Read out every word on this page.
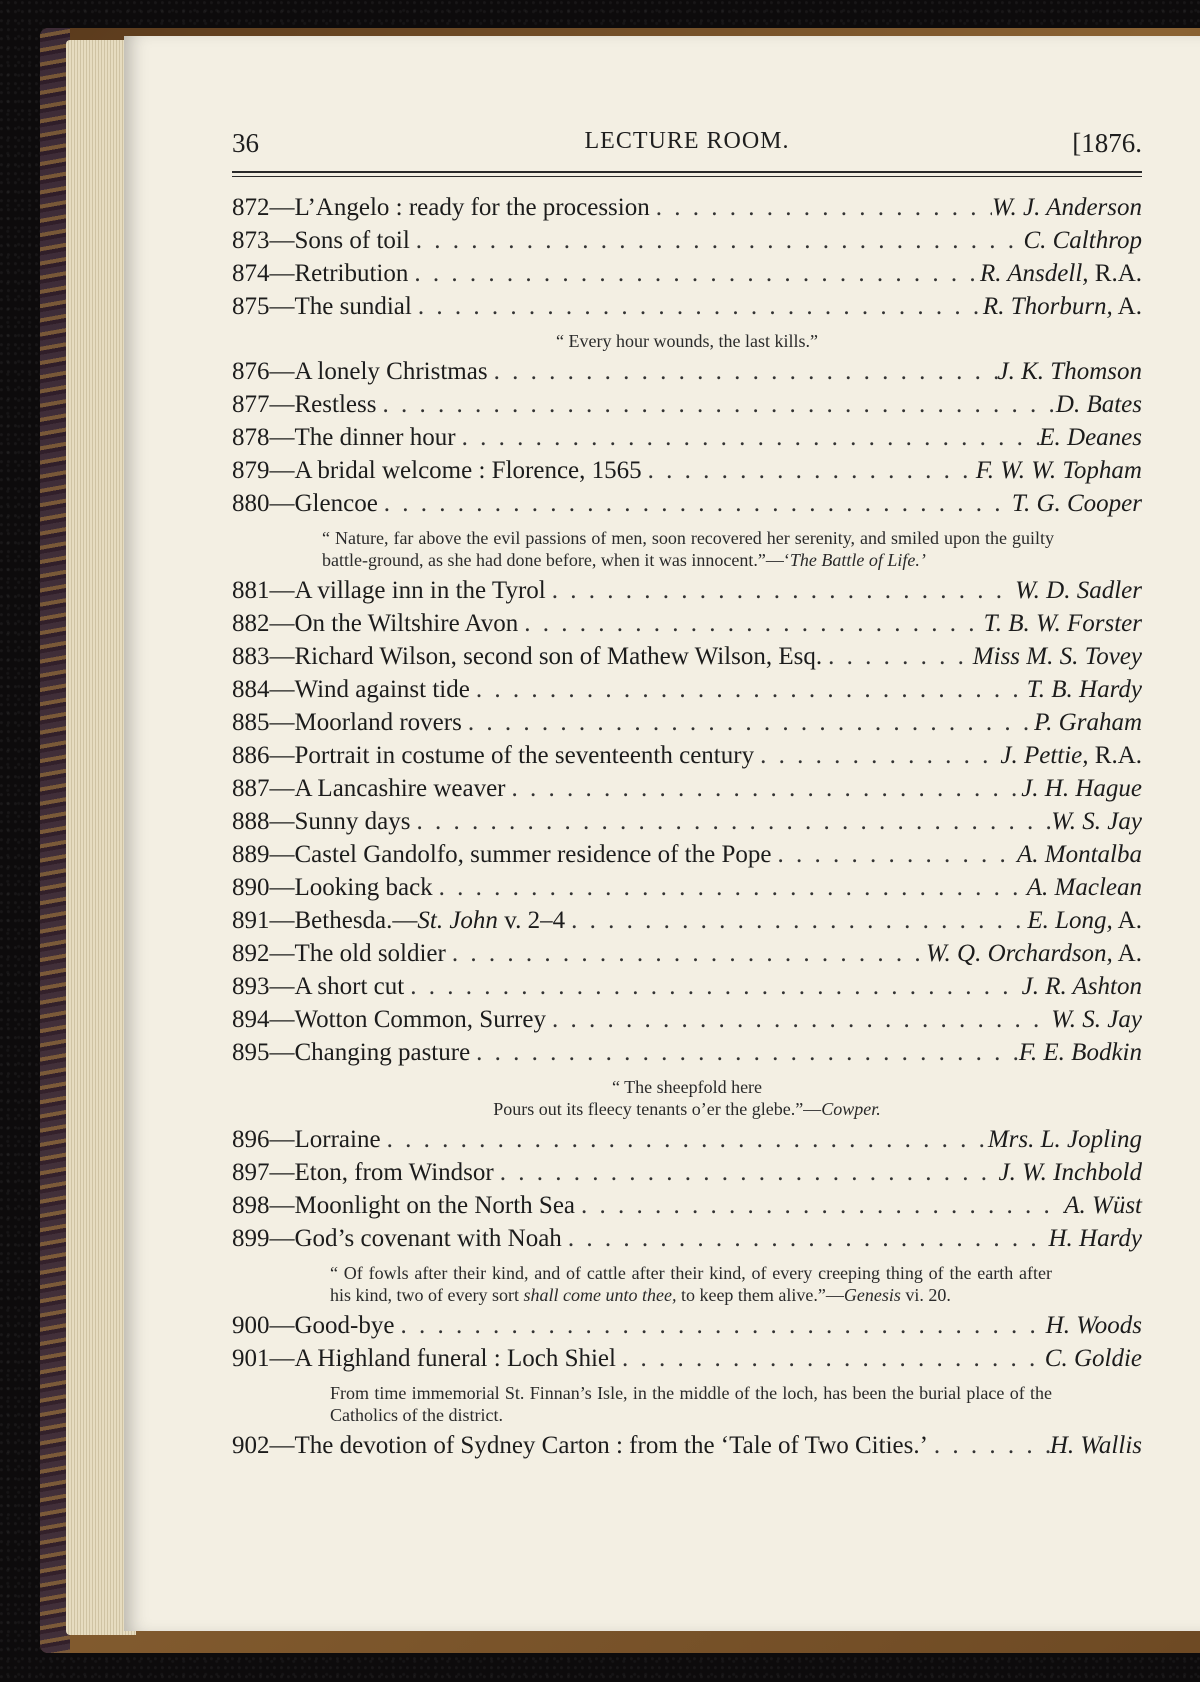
36	LECTURE ROOM.	[1876.
872—L’Angelo : ready for the procession . . .	W. J. Anderson
873—Sons of toil . . .	C. Calthrop
874—Retribution . . .	R. Ansdell, R.A.
875—The sundial . . .	R. Thorburn, A.
“ Every hour wounds, the last kills.”
876—A lonely Christmas . . .	J. K. Thomson
877—Restless . . .	D. Bates
878—The dinner hour . . .	E. Deanes
879—A bridal welcome : Florence, 1565 . . .	F. W. W. Topham
880—Glencoe . . .	T. G. Cooper
“ Nature, far above the evil passions of men, soon recovered her serenity, and smiled upon the guilty battle-ground, as she had done before, when it was innocent.”—‘The Battle of Life.’
881—A village inn in the Tyrol . . .	W. D. Sadler
882—On the Wiltshire Avon . . .	T. B. W. Forster
883—Richard Wilson, second son of Mathew Wilson, Esq. . . .	Miss M. S. Tovey
884—Wind against tide . . .	T. B. Hardy
885—Moorland rovers . . .	P. Graham
886—Portrait in costume of the seventeenth century . . .	J. Pettie, R.A.
887—A Lancashire weaver . . .	J. H. Hague
888—Sunny days . . .	W. S. Jay
889—Castel Gandolfo, summer residence of the Pope . . .	A. Montalba
890—Looking back . . .	A. Maclean
891—Bethesda.—St. John v. 2–4 . . .	E. Long, A.
892—The old soldier . . .	W. Q. Orchardson, A.
893—A short cut . . .	J. R. Ashton
894—Wotton Common, Surrey . . .	W. S. Jay
895—Changing pasture . . .	F. E. Bodkin
“ The sheepfold here
Pours out its fleecy tenants o’er the glebe.”—Cowper.
896—Lorraine . . .	Mrs. L. Jopling
897—Eton, from Windsor . . .	J. W. Inchbold
898—Moonlight on the North Sea . . .	A. Wüst
899—God’s covenant with Noah . . .	H. Hardy
“ Of fowls after their kind, and of cattle after their kind, of every creeping thing of the earth after his kind, two of every sort shall come unto thee, to keep them alive.”—Genesis vi. 20.
900—Good-bye . . .	H. Woods
901—A Highland funeral : Loch Shiel . . .	C. Goldie
From time immemorial St. Finnan’s Isle, in the middle of the loch, has been the burial place of the Catholics of the district.
902—The devotion of Sydney Carton : from the ‘Tale of Two Cities.’ . . .	H. Wallis
